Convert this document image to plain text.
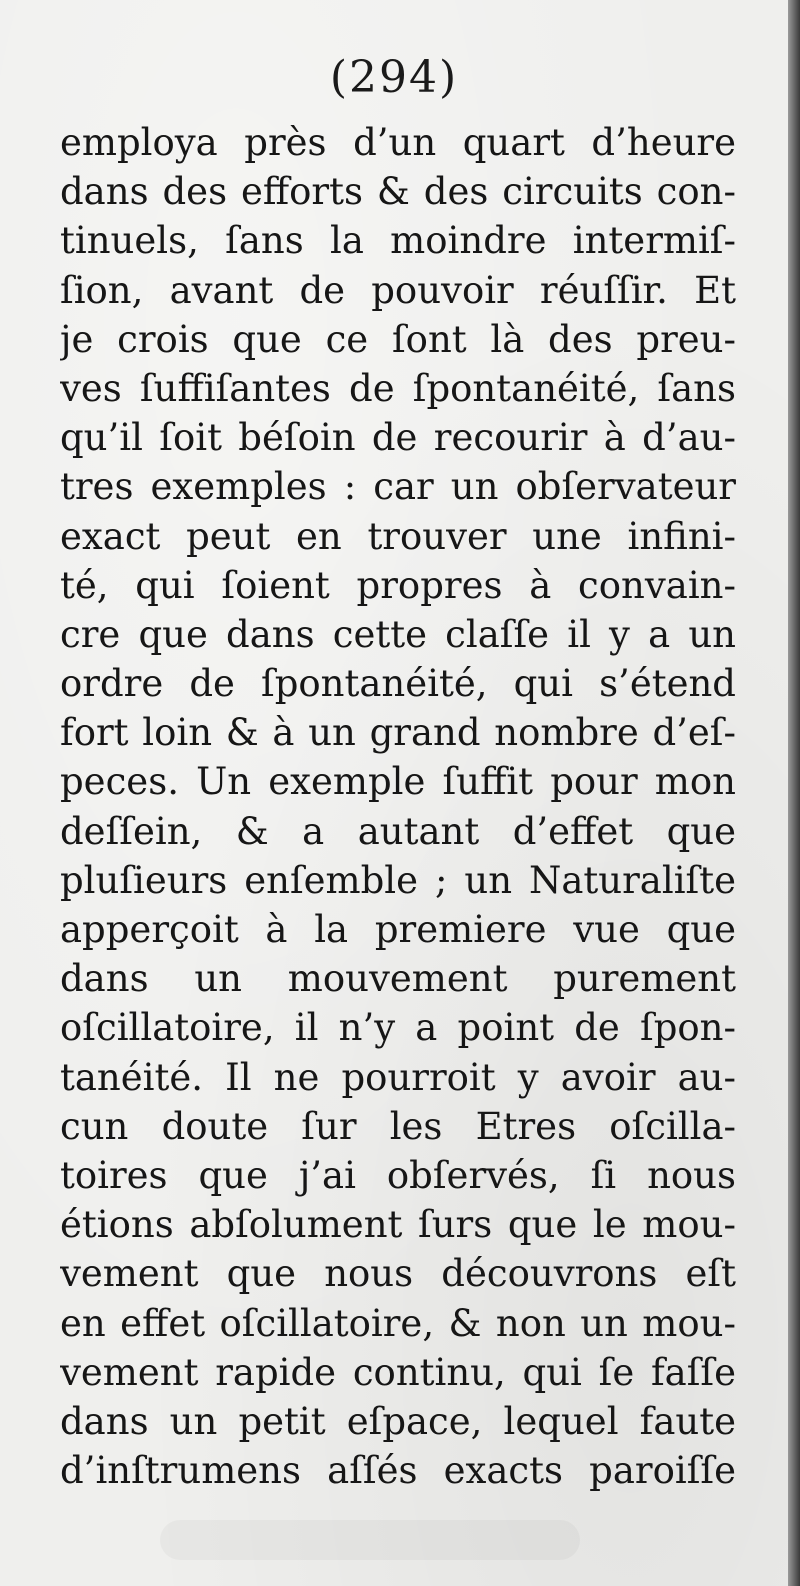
(294)
employa près d’un quart d’heure
dans des efforts & des circuits con-
tinuels, ſans la moindre intermiſ-
ſion, avant de pouvoir réuſſir. Et
je crois que ce ſont là des preu-
ves ſuffiſantes de ſpontanéité, ſans
qu’il ſoit béſoin de recourir à d’au-
tres exemples : car un obſervateur
exact peut en trouver une infini-
té, qui ſoient propres à convain-
cre que dans cette claſſe il y a un
ordre de ſpontanéité, qui s’étend
fort loin & à un grand nombre d’eſ-
peces. Un exemple ſuffit pour mon
deſſein, & a autant d’effet que
pluſieurs enſemble ; un Naturaliſte
apperçoit à la premiere vue que
dans un mouvement purement
oſcillatoire, il n’y a point de ſpon-
tanéité. Il ne pourroit y avoir au-
cun doute ſur les Etres oſcilla-
toires que j’ai obſervés, ſi nous
étions abſolument ſurs que le mou-
vement que nous découvrons eſt
en effet oſcillatoire, & non un mou-
vement rapide continu, qui ſe faſſe
dans un petit eſpace, lequel faute
d’inſtrumens aſſés exacts paroiſſe
